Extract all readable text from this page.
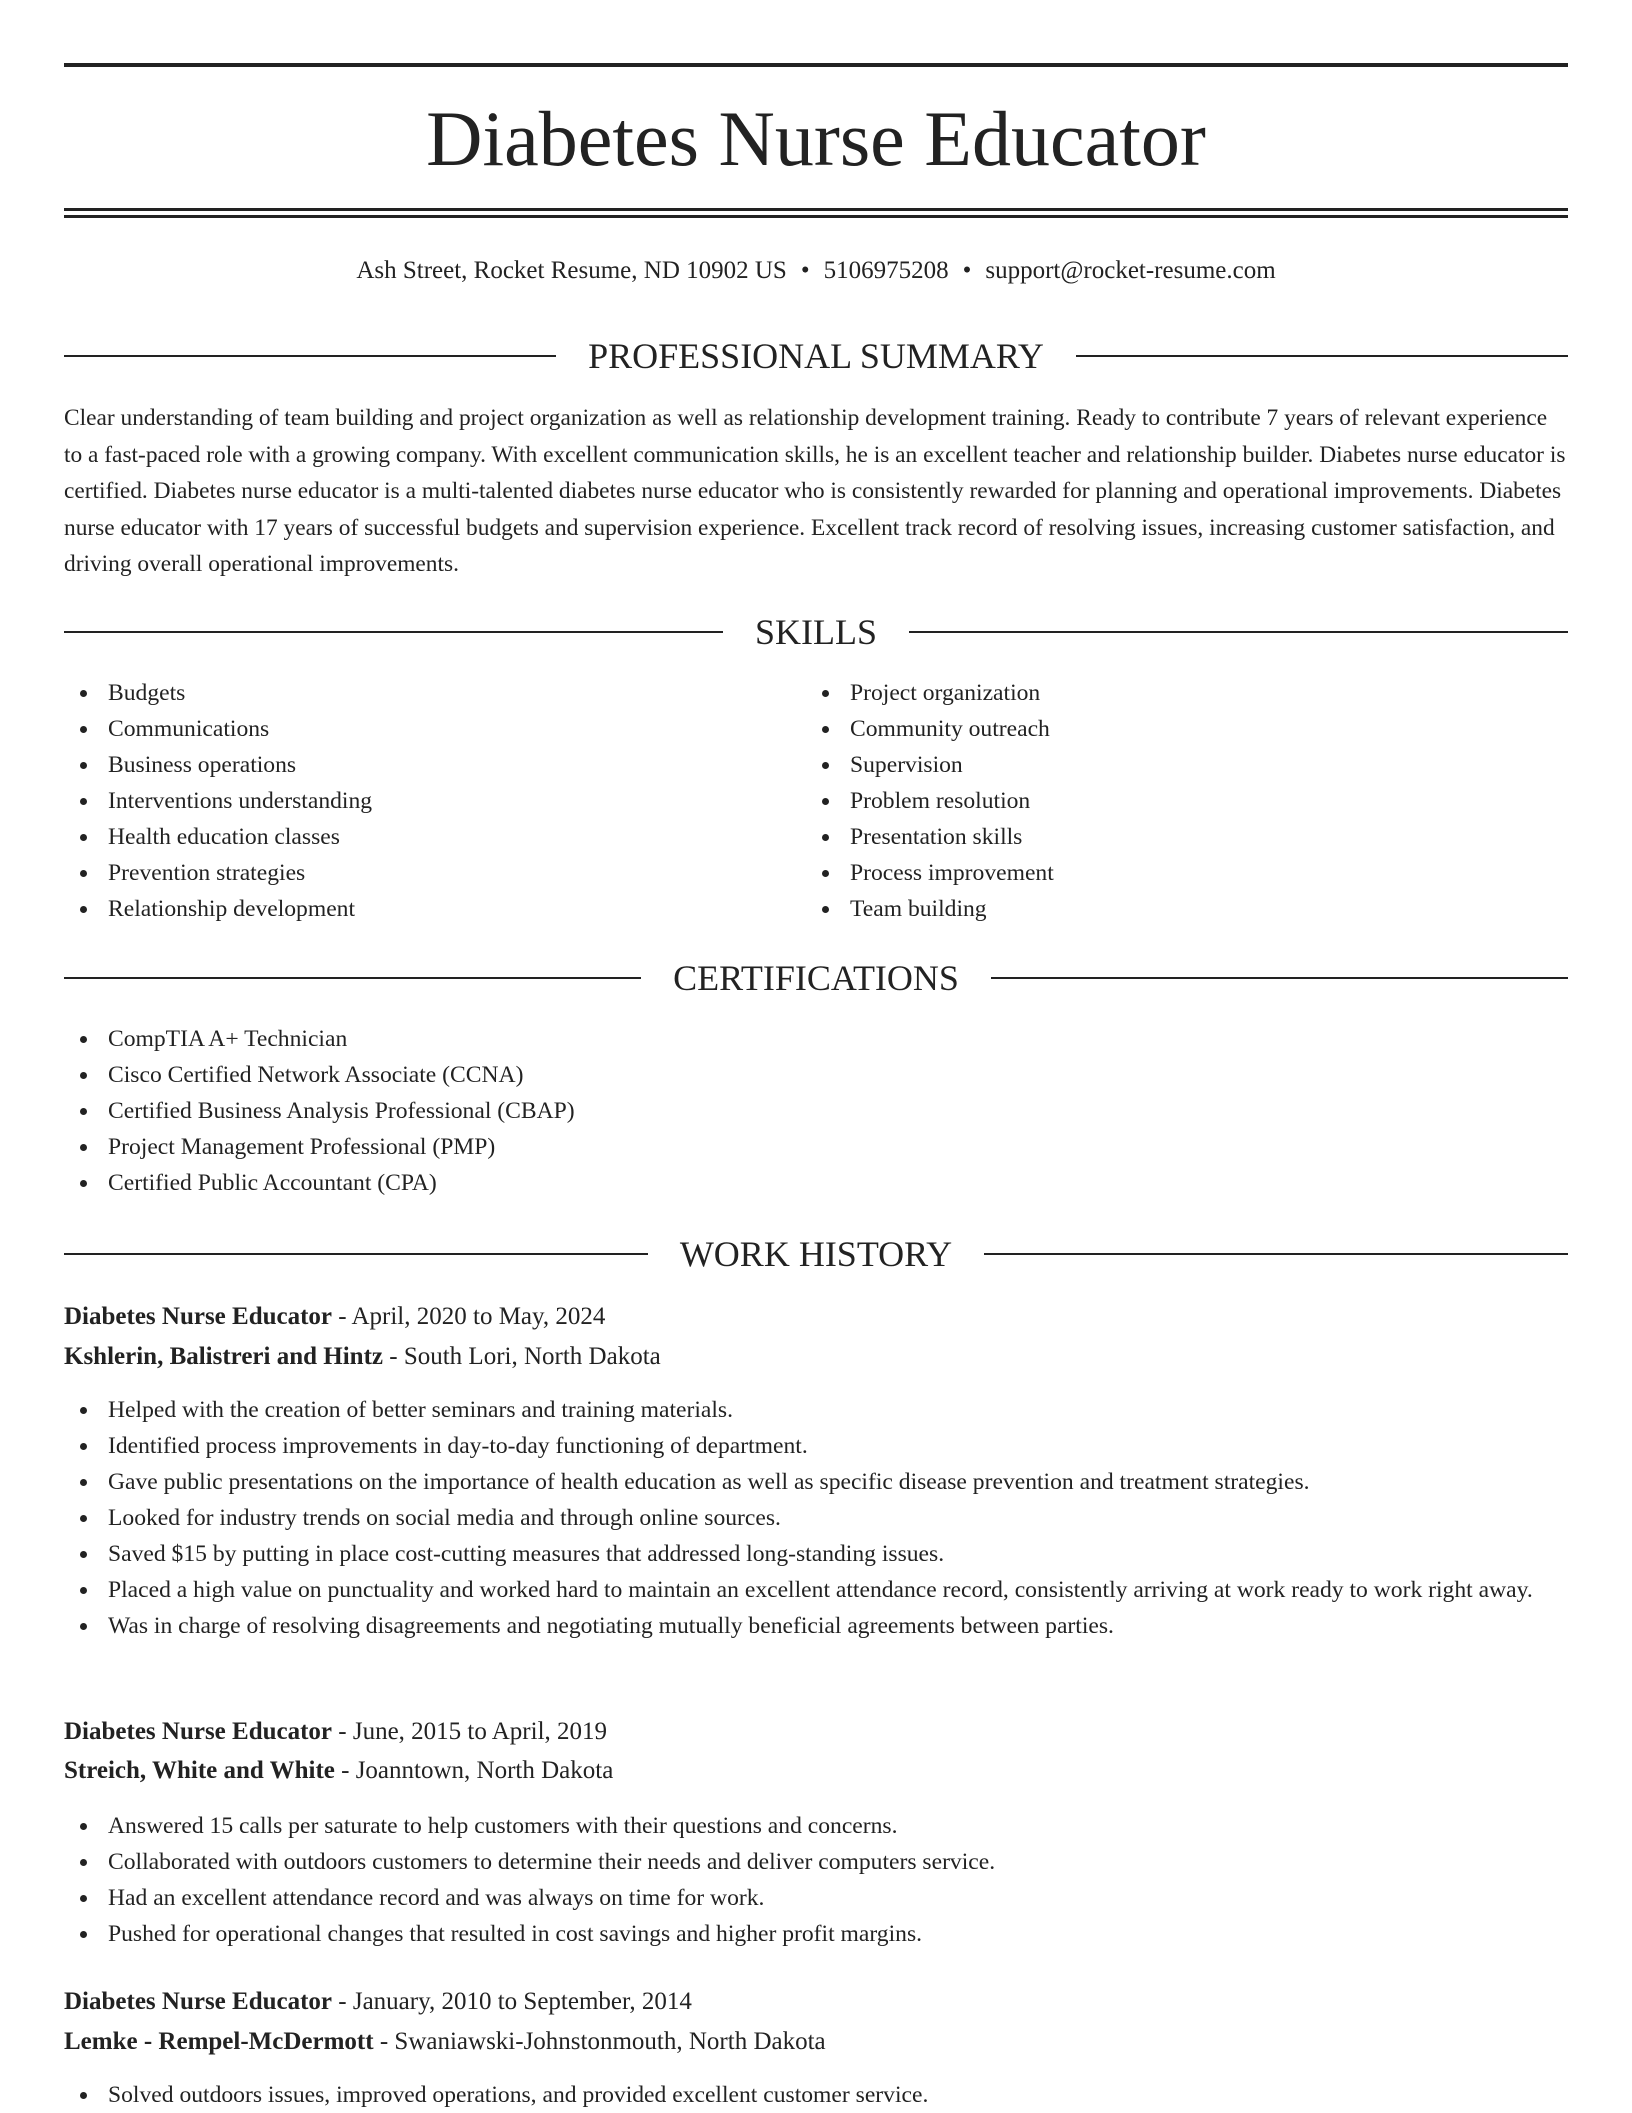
Diabetes Nurse Educator
Ash Street, Rocket Resume, ND 10902 US • 5106975208 • support@rocket-resume.com
PROFESSIONAL SUMMARY

Clear understanding of team building and project organization as well as relationship development training. Ready to contribute 7 years of relevant experience to a fast-paced role with a growing company. With excellent communication skills, he is an excellent teacher and relationship builder. Diabetes nurse educator is certified. Diabetes nurse educator is a multi-talented diabetes nurse educator who is consistently rewarded for planning and operational improvements. Diabetes nurse educator with 17 years of successful budgets and supervision experience. Excellent track record of resolving issues, increasing customer satisfaction, and driving overall operational improvements.

SKILLS
Budgets
Communications
Business operations
Interventions understanding
Health education classes
Prevention strategies
Relationship development
Project organization
Community outreach
Supervision
Problem resolution
Presentation skills
Process improvement
Team building
CERTIFICATIONS
CompTIA A+ Technician
Cisco Certified Network Associate (CCNA)
Certified Business Analysis Professional (CBAP)
Project Management Professional (PMP)
Certified Public Accountant (CPA)
WORK HISTORY
Diabetes Nurse Educator - April, 2020 to May, 2024
Kshlerin, Balistreri and Hintz - South Lori, North Dakota
Helped with the creation of better seminars and training materials.
Identified process improvements in day-to-day functioning of department.
Gave public presentations on the importance of health education as well as specific disease prevention and treatment strategies.
Looked for industry trends on social media and through online sources.
Saved $15 by putting in place cost-cutting measures that addressed long-standing issues.
Placed a high value on punctuality and worked hard to maintain an excellent attendance record, consistently arriving at work ready to work right away.
Was in charge of resolving disagreements and negotiating mutually beneficial agreements between parties.
Diabetes Nurse Educator - June, 2015 to April, 2019
Streich, White and White - Joanntown, North Dakota
Answered 15 calls per saturate to help customers with their questions and concerns.
Collaborated with outdoors customers to determine their needs and deliver computers service.
Had an excellent attendance record and was always on time for work.
Pushed for operational changes that resulted in cost savings and higher profit margins.
Diabetes Nurse Educator - January, 2010 to September, 2014
Lemke - Rempel-McDermott - Swaniawski-Johnstonmouth, North Dakota
Solved outdoors issues, improved operations, and provided excellent customer service.
